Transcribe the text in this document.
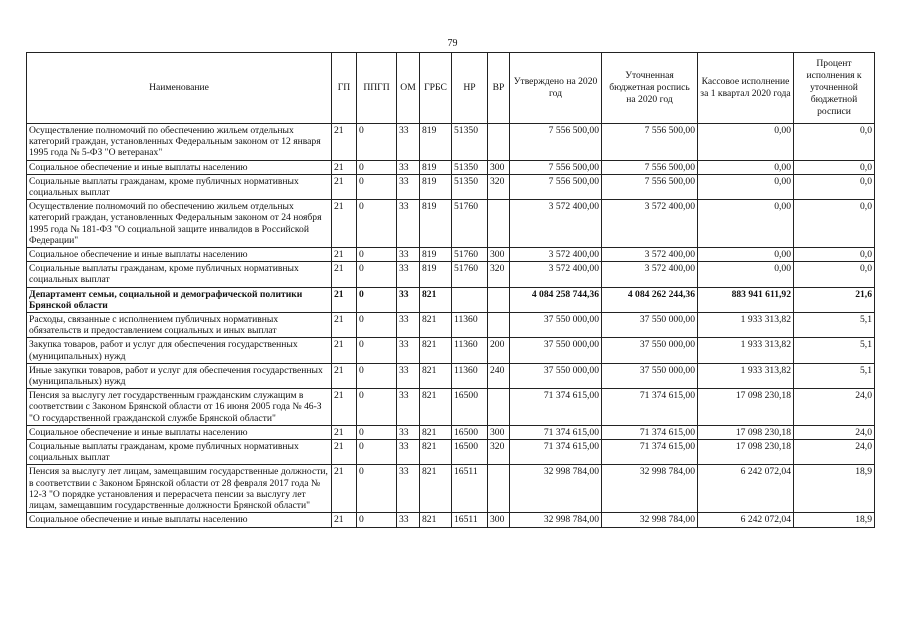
79
Наименование	ГП	ППГП	ОМ	ГРБС	НР	ВР	Утверждено на 2020 год	Уточненная бюджетная роспись на 2020 год	Кассовое исполнение за 1 квартал 2020 года	Процент исполнения к уточненной бюджетной росписи
Осуществление полномочий по обеспечению жильем отдельных категорий граждан, установленных Федеральным законом от 12 января 1995 года № 5-ФЗ "О ветеранах"	21	0	33	819	51350		7 556 500,00	7 556 500,00	0,00	0,0
Социальное обеспечение и иные выплаты населению	21	0	33	819	51350	300	7 556 500,00	7 556 500,00	0,00	0,0
Социальные выплаты гражданам, кроме публичных нормативных социальных выплат	21	0	33	819	51350	320	7 556 500,00	7 556 500,00	0,00	0,0
Осуществление полномочий по обеспечению жильем отдельных категорий граждан, установленных Федеральным законом от 24 ноября 1995 года № 181-ФЗ "О социальной защите инвалидов в Российской Федерации"	21	0	33	819	51760		3 572 400,00	3 572 400,00	0,00	0,0
Социальное обеспечение и иные выплаты населению	21	0	33	819	51760	300	3 572 400,00	3 572 400,00	0,00	0,0
Социальные выплаты гражданам, кроме публичных нормативных социальных выплат	21	0	33	819	51760	320	3 572 400,00	3 572 400,00	0,00	0,0
Департамент семьи, социальной и демографической политики Брянской области	21	0	33	821			4 084 258 744,36	4 084 262 244,36	883 941 611,92	21,6
Расходы, связанные с исполнением публичных нормативных обязательств и предоставлением социальных и иных выплат	21	0	33	821	11360		37 550 000,00	37 550 000,00	1 933 313,82	5,1
Закупка товаров, работ и услуг для обеспечения государственных (муниципальных) нужд	21	0	33	821	11360	200	37 550 000,00	37 550 000,00	1 933 313,82	5,1
Иные закупки товаров, работ и услуг для обеспечения государственных (муниципальных) нужд	21	0	33	821	11360	240	37 550 000,00	37 550 000,00	1 933 313,82	5,1
Пенсия за выслугу лет государственным гражданским служащим в соответствии с Законом Брянской области от 16 июня 2005 года № 46-З "О государственной гражданской службе Брянской области"	21	0	33	821	16500		71 374 615,00	71 374 615,00	17 098 230,18	24,0
Социальное обеспечение и иные выплаты населению	21	0	33	821	16500	300	71 374 615,00	71 374 615,00	17 098 230,18	24,0
Социальные выплаты гражданам, кроме публичных нормативных социальных выплат	21	0	33	821	16500	320	71 374 615,00	71 374 615,00	17 098 230,18	24,0
Пенсия за выслугу лет лицам, замещавшим государственные должности, в соответствии с Законом Брянской области от 28 февраля 2017 года № 12-З "О порядке установления и перерасчета пенсии за выслугу лет лицам, замещавшим государственные должности Брянской области"	21	0	33	821	16511		32 998 784,00	32 998 784,00	6 242 072,04	18,9
Социальное обеспечение и иные выплаты населению	21	0	33	821	16511	300	32 998 784,00	32 998 784,00	6 242 072,04	18,9
